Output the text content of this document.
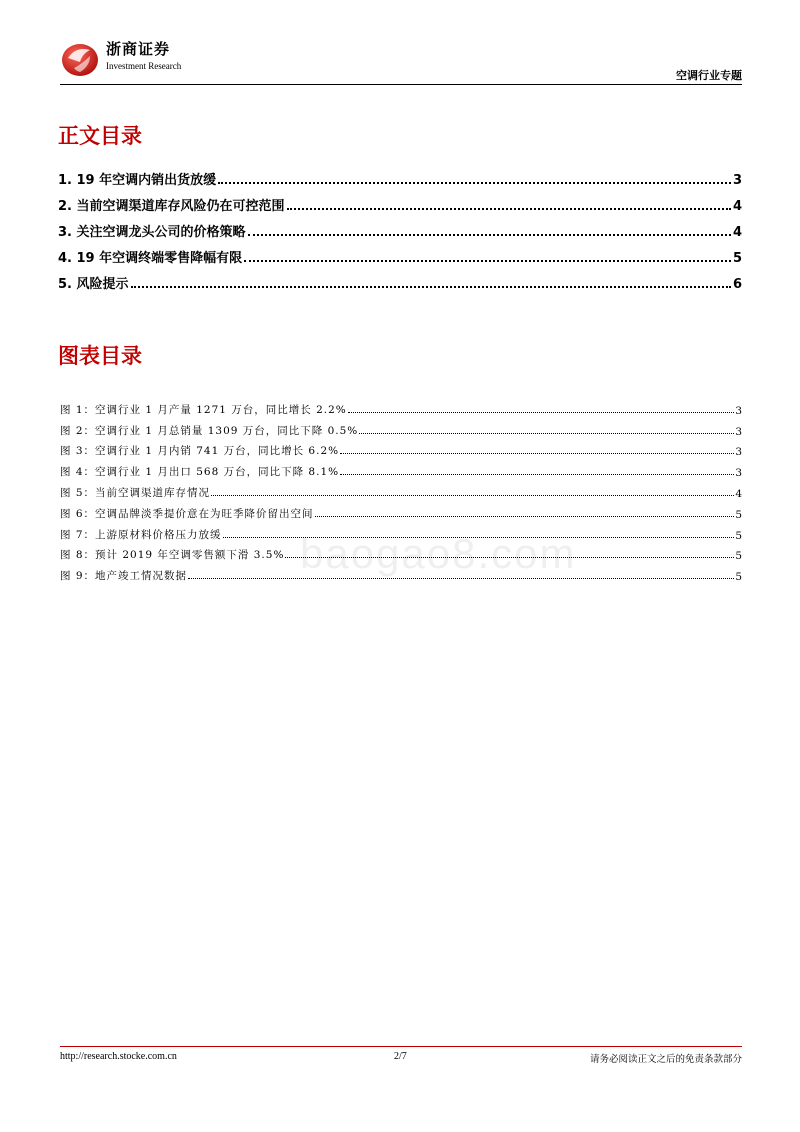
浙商证券
Investment Research
空调行业专题
正文目录
1. 19 年空调内销出货放缓	3
2. 当前空调渠道库存风险仍在可控范围	4
3. 关注空调龙头公司的价格策略	4
4. 19 年空调终端零售降幅有限	5
5. 风险提示	6
图表目录
图 1：空调行业 1 月产量 1271 万台，同比增长 2.2%	3
图 2：空调行业 1 月总销量 1309 万台，同比下降 0.5%	3
图 3：空调行业 1 月内销 741 万台，同比增长 6.2%	3
图 4：空调行业 1 月出口 568 万台，同比下降 8.1%	3
图 5：当前空调渠道库存情况	4
图 6：空调品牌淡季提价意在为旺季降价留出空间	5
图 7：上游原材料价格压力放缓	5
图 8：预计 2019 年空调零售额下滑 3.5%	5
图 9：地产竣工情况数据	5
baogao8.com
http://research.stocke.com.cn	2/7	请务必阅读正文之后的免责条款部分
